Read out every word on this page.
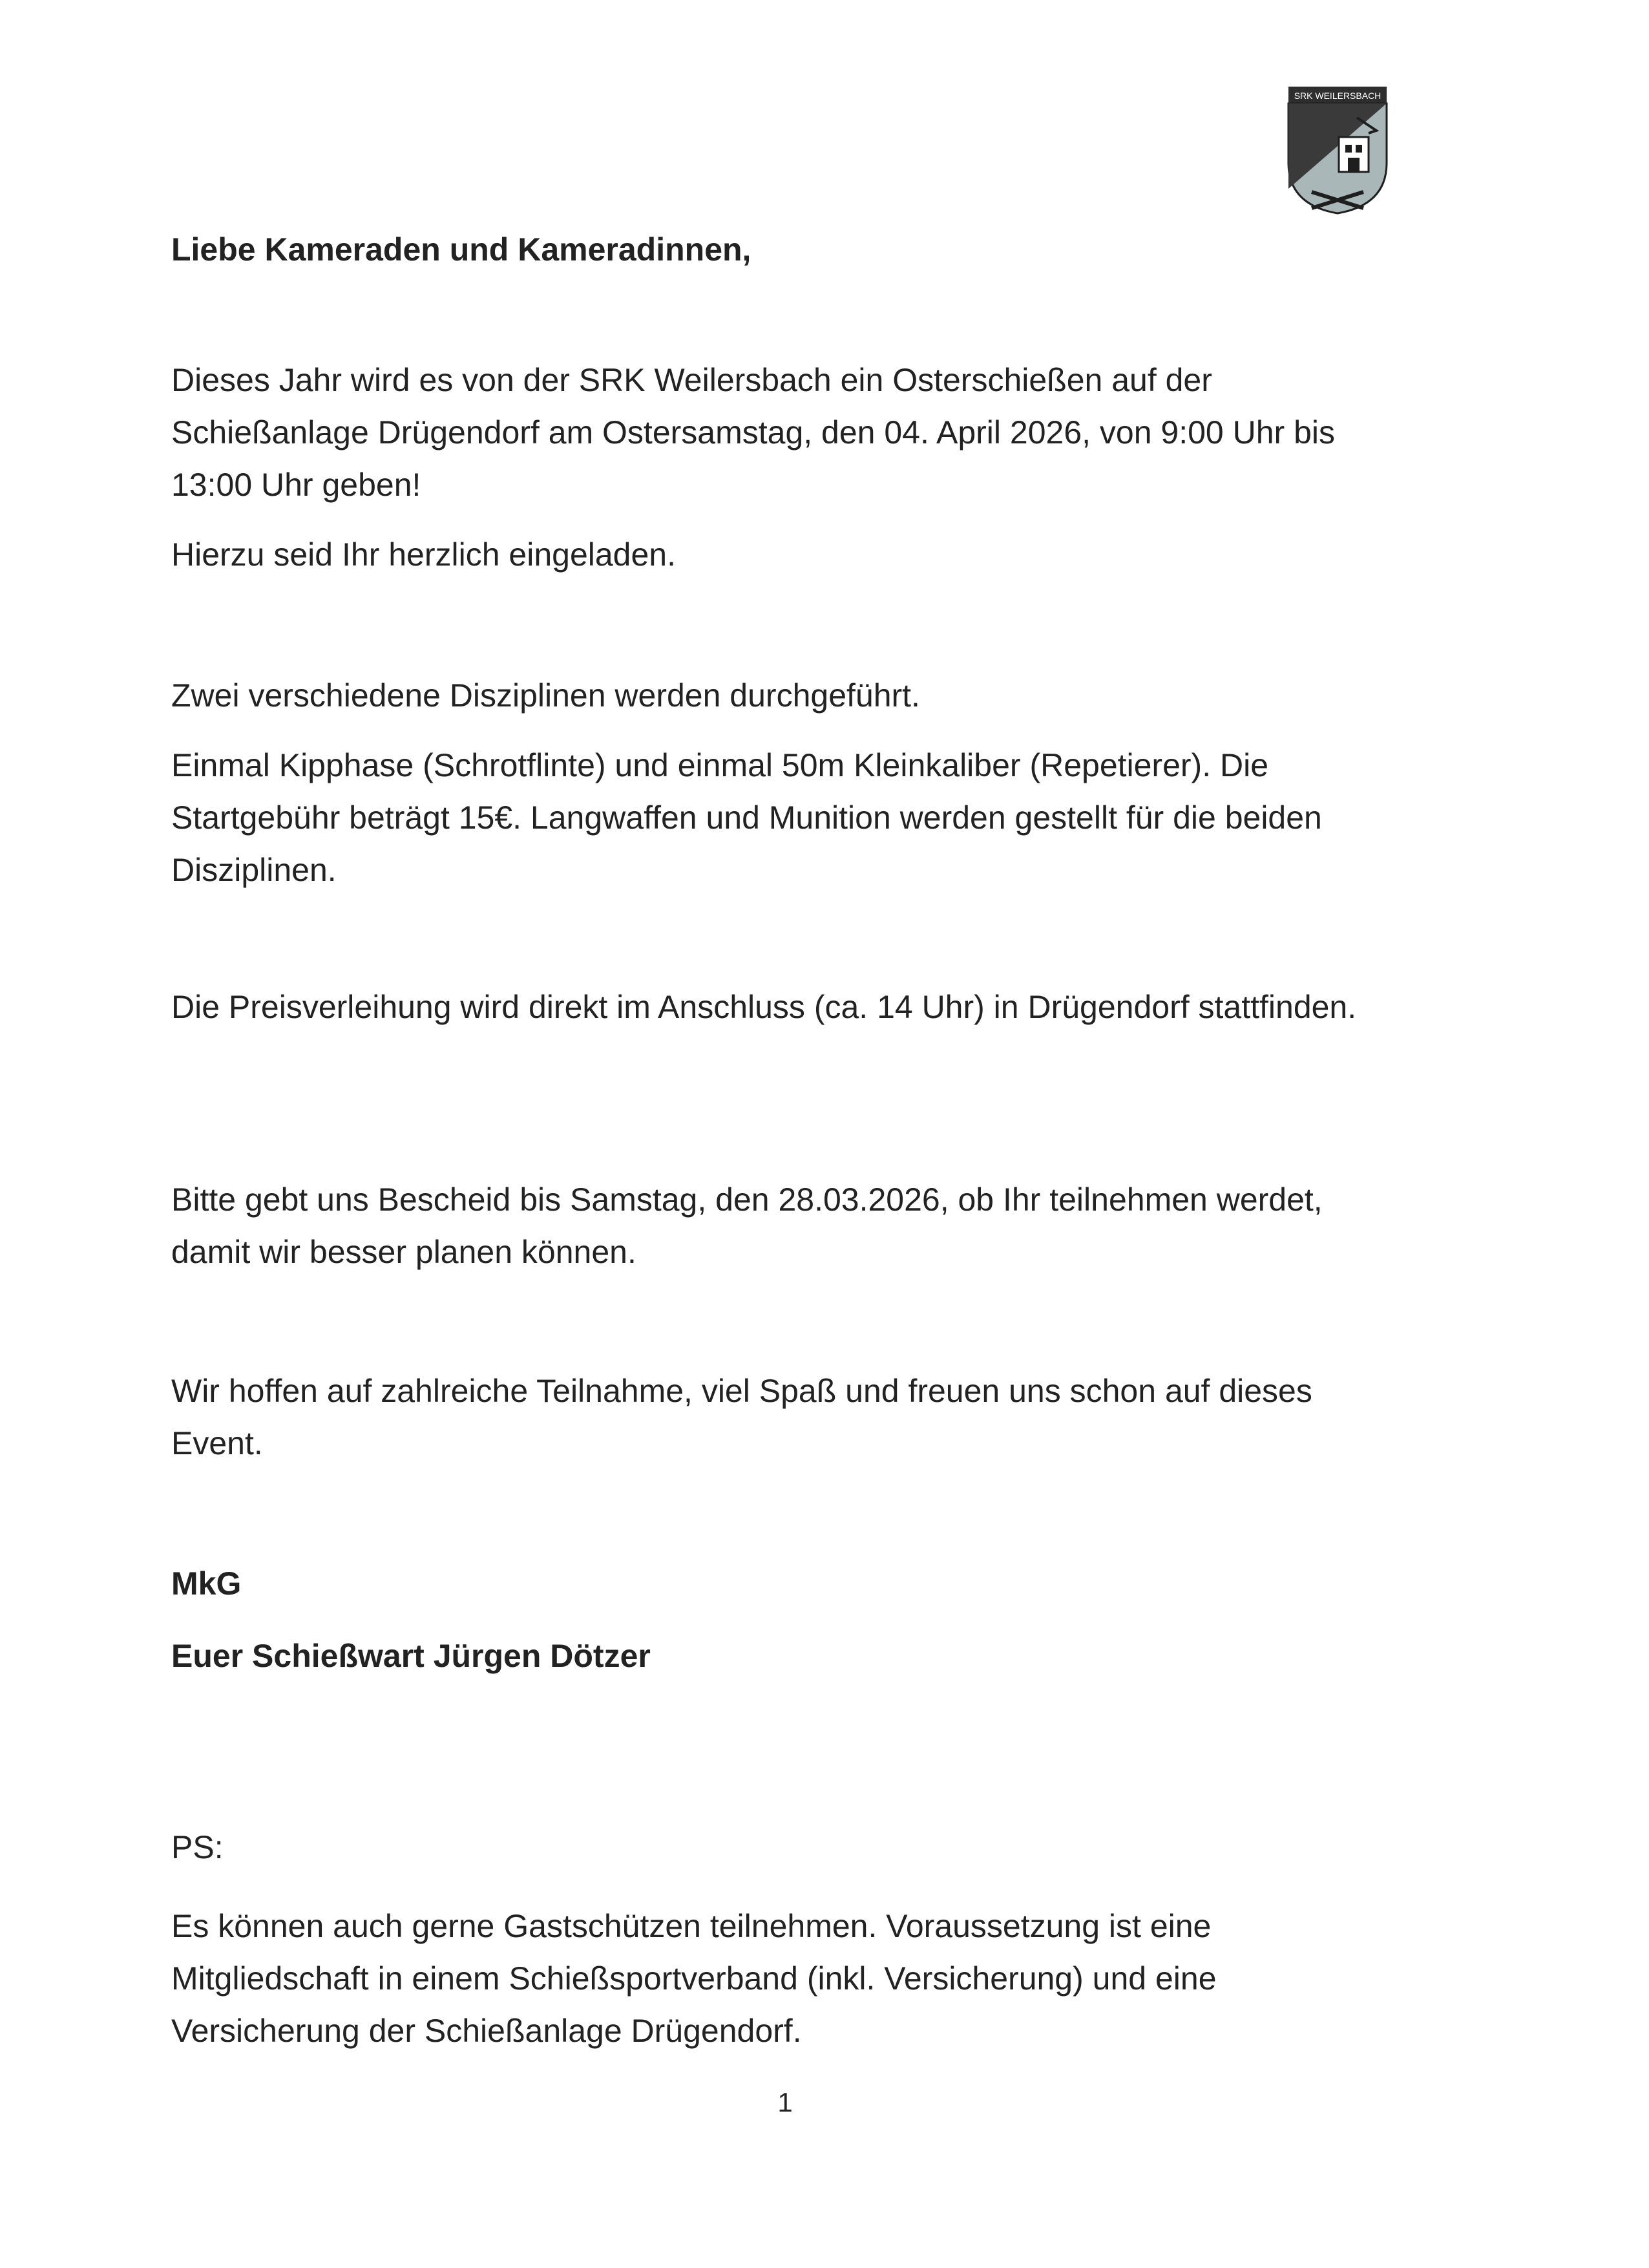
SRK WEILERSBACH

Liebe Kameraden und Kameradinnen,

Dieses Jahr wird es von der SRK Weilersbach ein Osterschießen auf der Schießanlage Drügendorf am Ostersamstag, den 04. April 2026, von 9:00 Uhr bis 13:00 Uhr geben!

Hierzu seid Ihr herzlich eingeladen.

Zwei verschiedene Disziplinen werden durchgeführt.

Einmal Kipphase (Schrotflinte) und einmal 50m Kleinkaliber (Repetierer). Die Startgebühr beträgt 15€. Langwaffen und Munition werden gestellt für die beiden Disziplinen.

Die Preisverleihung wird direkt im Anschluss (ca. 14 Uhr) in Drügendorf stattfinden.

Bitte gebt uns Bescheid bis Samstag, den 28.03.2026, ob Ihr teilnehmen werdet, damit wir besser planen können.

Wir hoffen auf zahlreiche Teilnahme, viel Spaß und freuen uns schon auf dieses Event.

MkG

Euer Schießwart Jürgen Dötzer

PS:

Es können auch gerne Gastschützen teilnehmen. Voraussetzung ist eine Mitgliedschaft in einem Schießsportverband (inkl. Versicherung) und eine Versicherung der Schießanlage Drügendorf.

1
